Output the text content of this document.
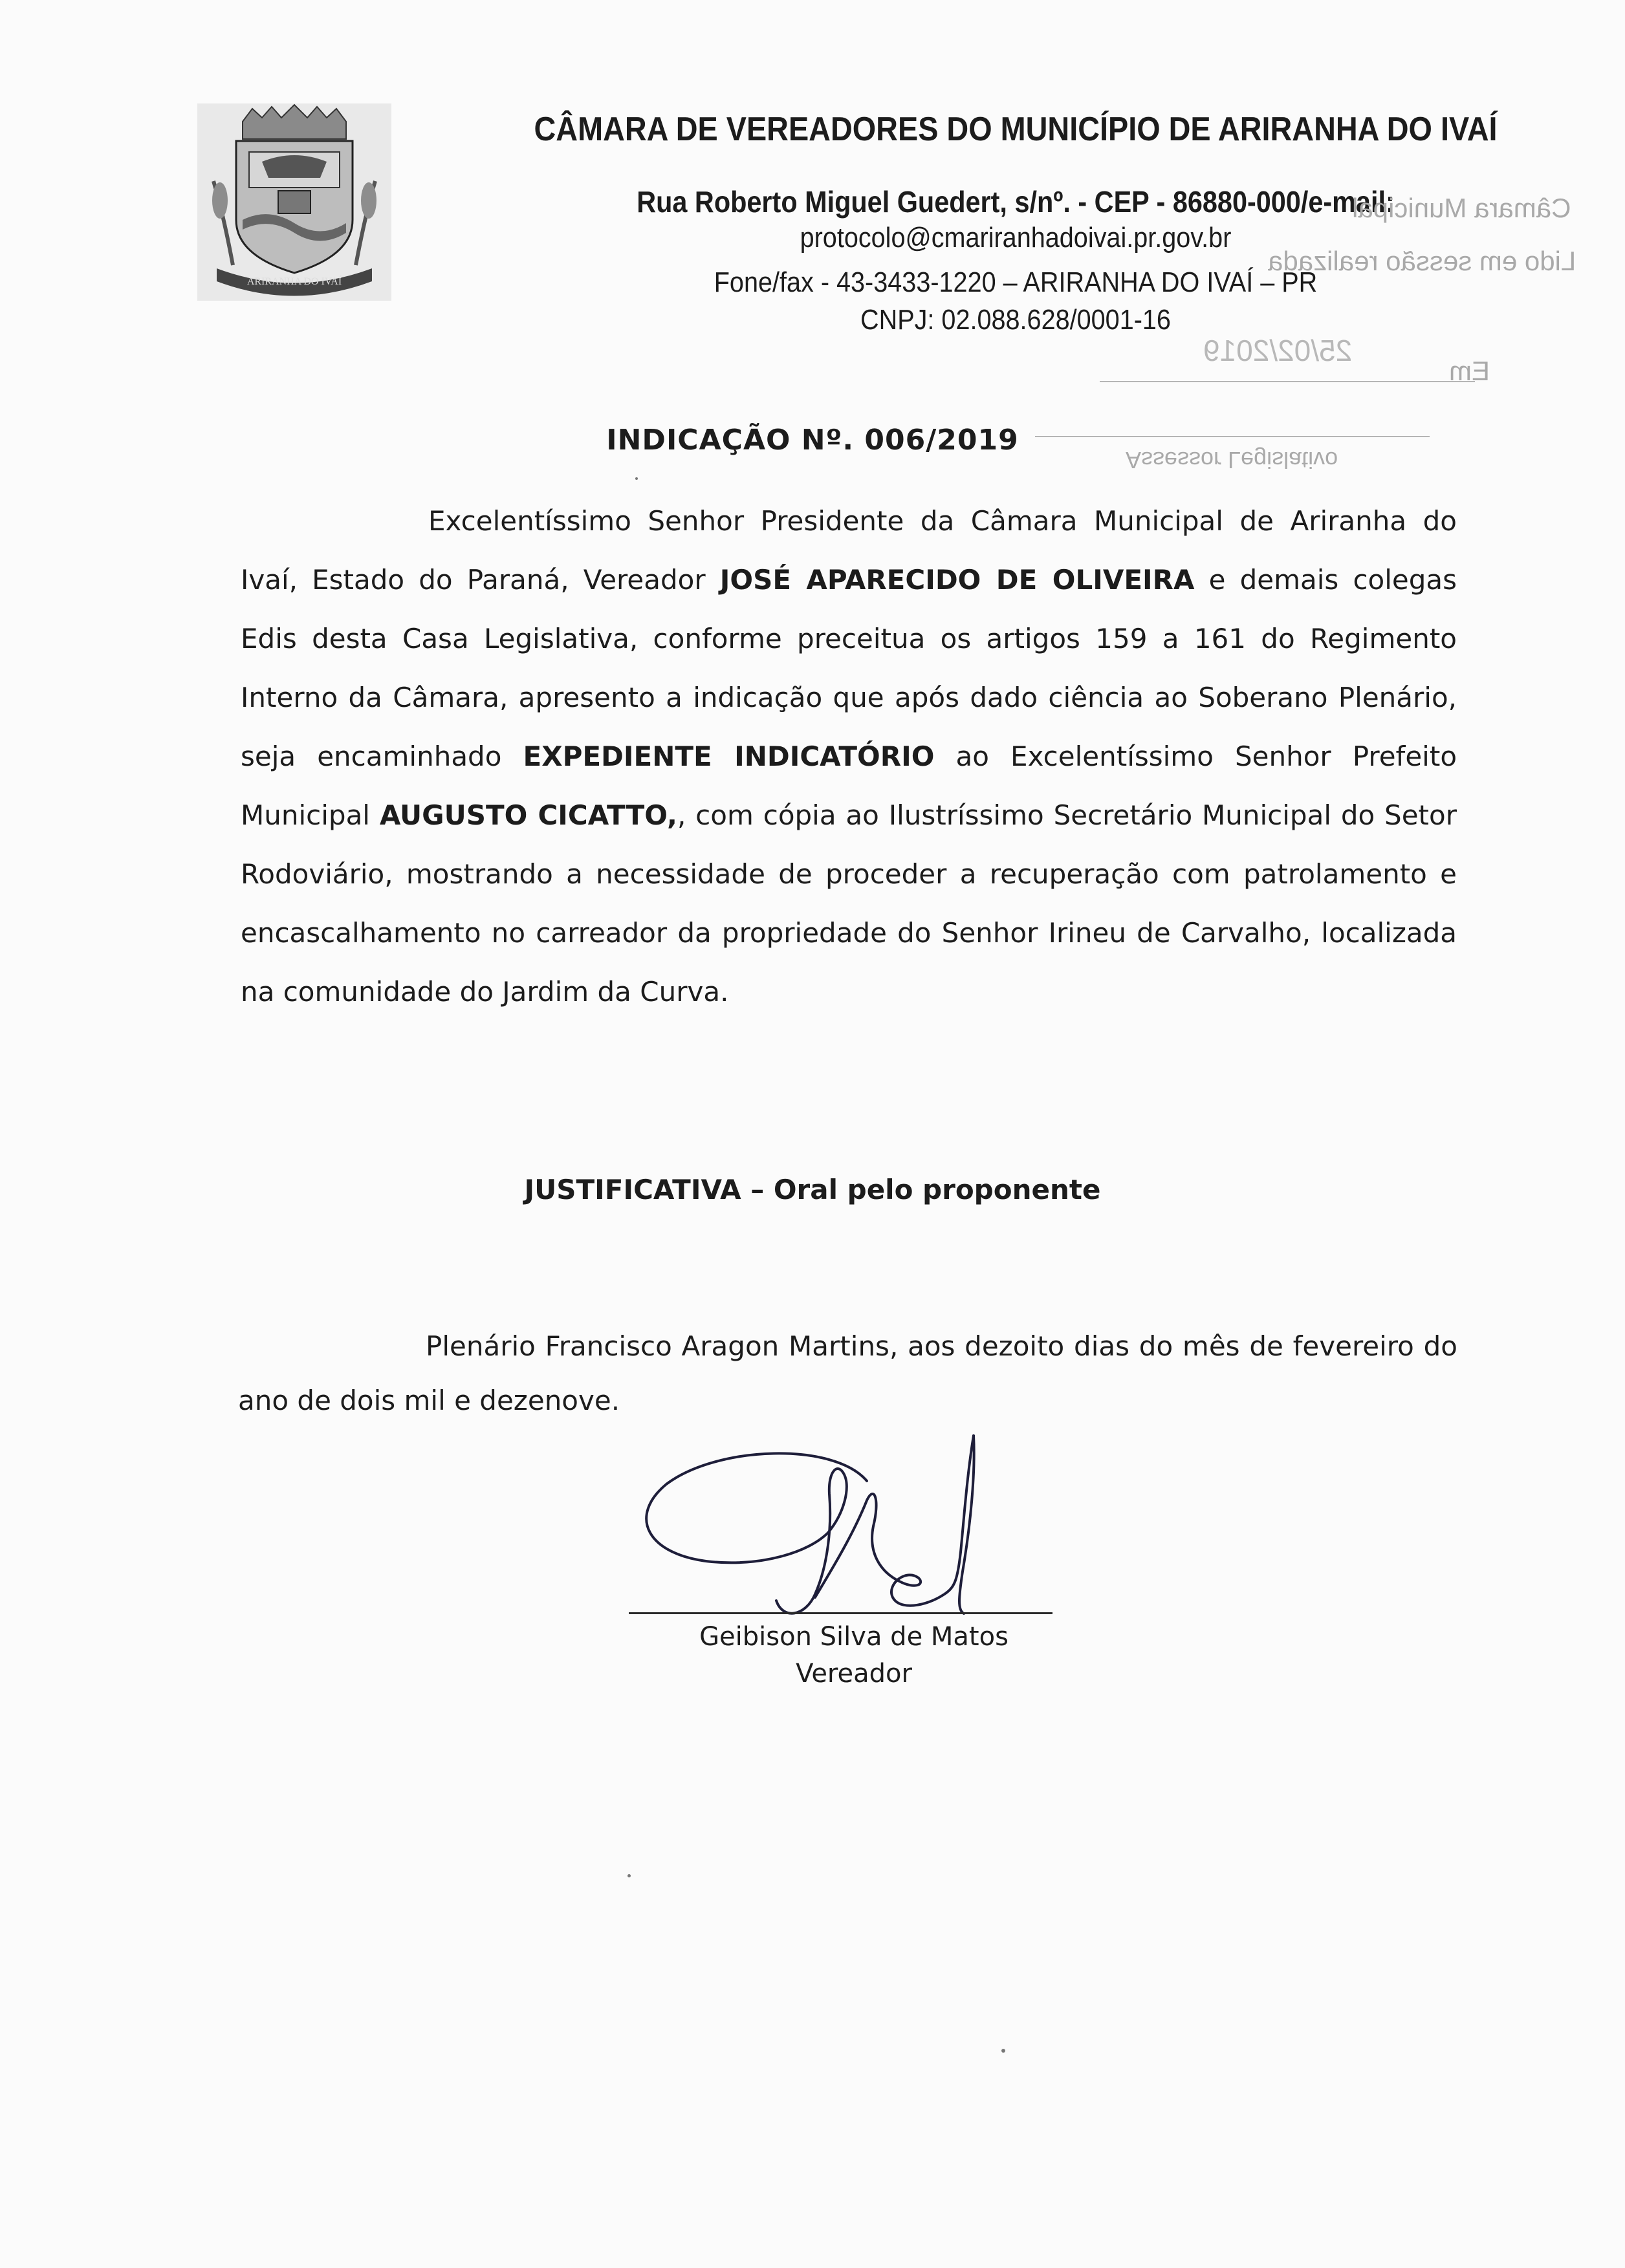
ARIRANHA DO IVAÍ
CÂMARA DE VEREADORES DO MUNICÍPIO DE ARIRANHA DO IVAÍ
Rua Roberto Miguel Guedert, s/nº. - CEP - 86880-000/e-mail:
protocolo@cmariranhadoivai.pr.gov.br
Fone/fax - 43-3433-1220 – ARIRANHA DO IVAÍ – PR
CNPJ: 02.088.628/0001-16
Câmara Municipal
Lido em sessão realizada
Em
25/02/2019
Assessor Legislativo
INDICAÇÃO Nº. 006/2019

Excelentíssimo Senhor Presidente da Câmara Municipal de Ariranha do Ivaí, Estado do Paraná, Vereador JOSÉ APARECIDO DE OLIVEIRA e demais colegas Edis desta Casa Legislativa, conforme preceitua os artigos 159 a 161 do Regimento Interno da Câmara, apresento a indicação que após dado ciência ao Soberano Plenário, seja encaminhado EXPEDIENTE INDICATÓRIO ao Excelentíssimo Senhor Prefeito Municipal AUGUSTO CICATTO,, com cópia ao Ilustríssimo Secretário Municipal do Setor Rodoviário, mostrando a necessidade de proceder a recuperação com patrolamento e encascalhamento no carreador da propriedade do Senhor Irineu de Carvalho, localizada na comunidade do Jardim da Curva.

JUSTIFICATIVA – Oral pelo proponente

Plenário Francisco Aragon Martins, aos dezoito dias do mês de fevereiro do ano de dois mil e dezenove.

Geibison Silva de Matos
Vereador
